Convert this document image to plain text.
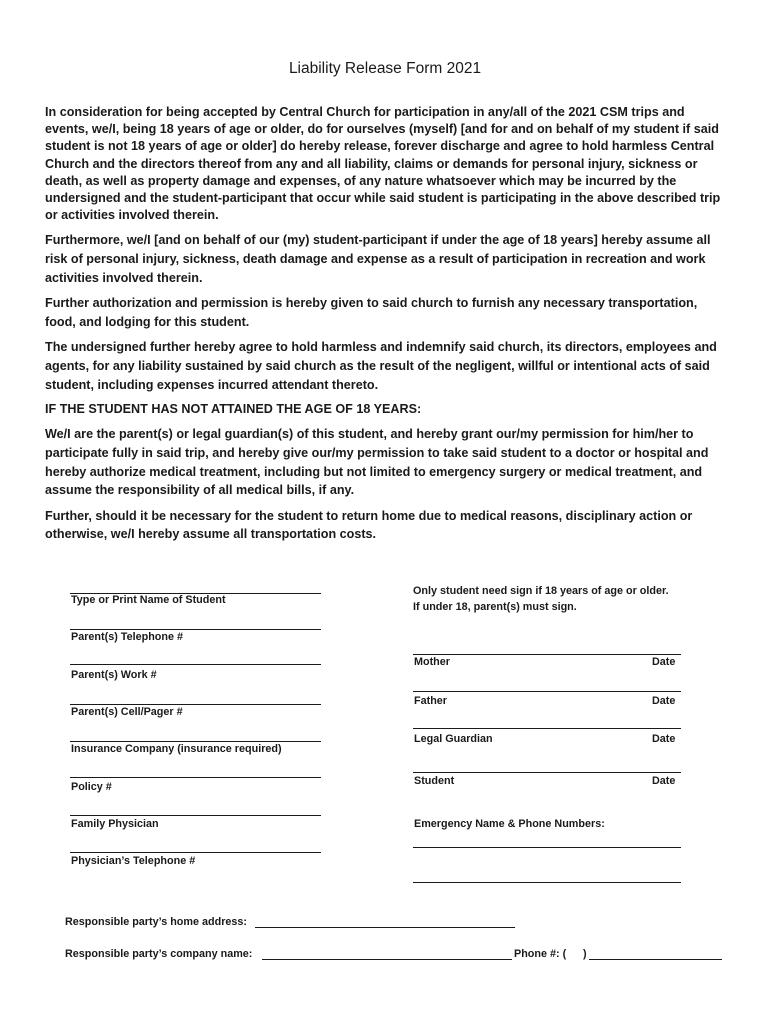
Liability Release Form 2021

In consideration for being accepted by Central Church for participation in any/all of the 2021 CSM trips and events, we/I, being 18 years of age or older, do for ourselves (myself) [and for and on behalf of my student if said student is not 18 years of age or older] do hereby release, forever discharge and agree to hold harmless Central Church and the directors thereof from any and all liability, claims or demands for personal injury, sickness or death, as well as property damage and expenses, of any nature whatsoever which may be incurred by the undersigned and the student-participant that occur while said student is participating in the above described trip or activities involved therein.

Furthermore, we/I [and on behalf of our (my) student-participant if under the age of 18 years] hereby assume all risk of personal injury, sickness, death damage and expense as a result of participation in recreation and work activities involved therein.

Further authorization and permission is hereby given to said church to furnish any necessary transportation, food, and lodging for this student.

The undersigned further hereby agree to hold harmless and indemnify said church, its directors, employees and agents, for any liability sustained by said church as the result of the negligent, willful or intentional acts of said student, including expenses incurred attendant thereto.

IF THE STUDENT HAS NOT ATTAINED THE AGE OF 18 YEARS:

We/I are the parent(s) or legal guardian(s) of this student, and hereby grant our/my permission for him/her to participate fully in said trip, and hereby give our/my permission to take said student to a doctor or hospital and hereby authorize medical treatment, including but not limited to emergency surgery or medical treatment, and assume the responsibility of all medical bills, if any.

Further, should it be necessary for the student to return home due to medical reasons, disciplinary action or otherwise, we/I hereby assume all transportation costs.

Type or Print Name of Student
Parent(s) Telephone #
Parent(s) Work #
Parent(s) Cell/Pager #
Insurance Company (insurance required)
Policy #
Family Physician
Physician’s Telephone #
Only student need sign if 18 years of age or older.
If under 18, parent(s) must sign.
Mother	Date
Father	Date
Legal Guardian	Date
Student	Date
Emergency Name & Phone Numbers:
Responsible party’s home address:
Responsible party’s company name:	Phone #: ( )
